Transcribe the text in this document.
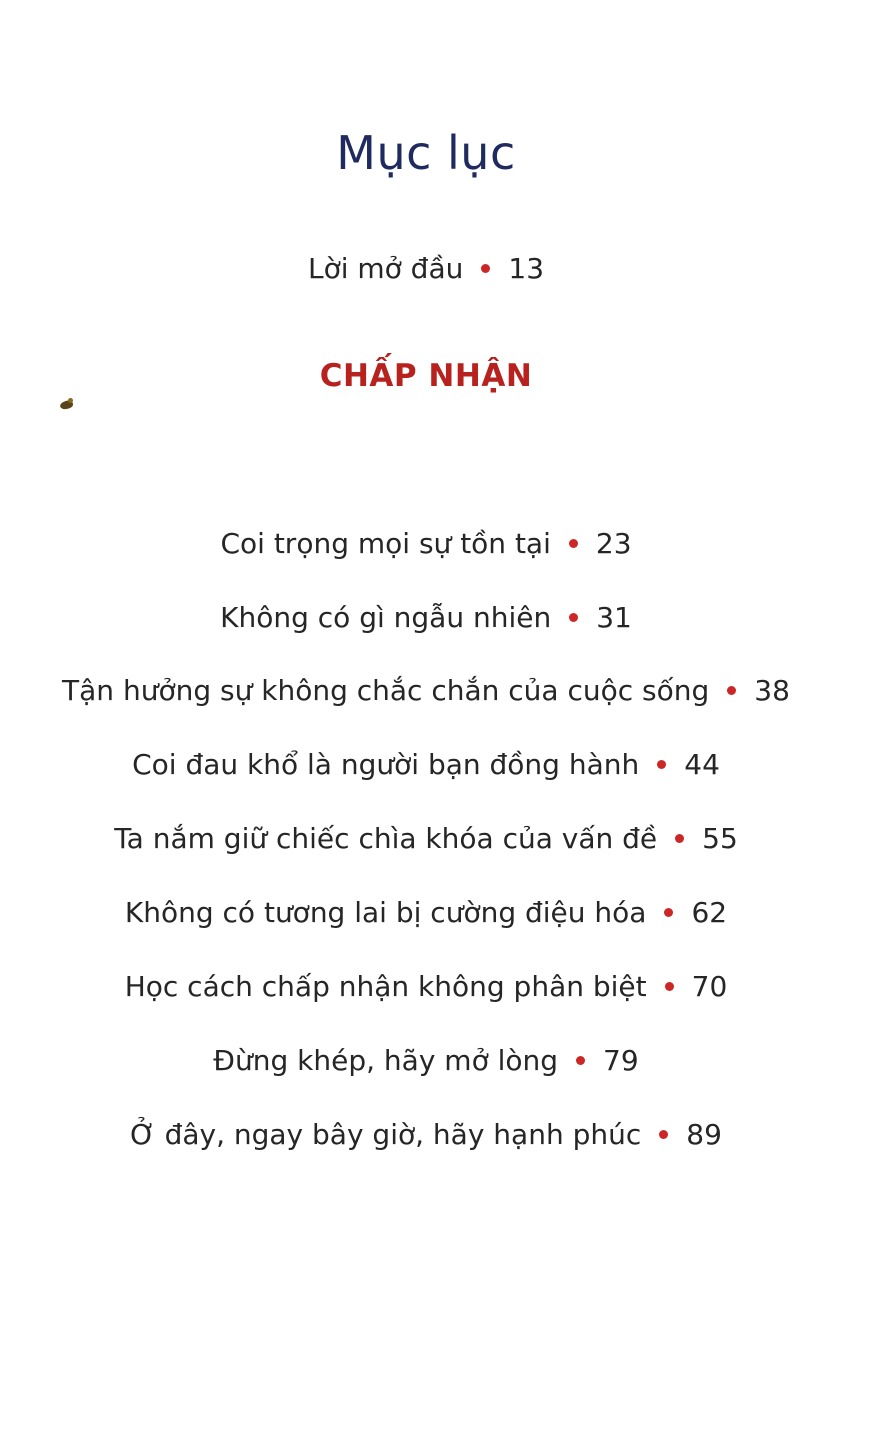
Mục lục
Lời mở đầu 13
CHẤP NHẬN
Coi trọng mọi sự tồn tại 23
Không có gì ngẫu nhiên 31
Tận hưởng sự không chắc chắn của cuộc sống 38
Coi đau khổ là người bạn đồng hành 44
Ta nắm giữ chiếc chìa khóa của vấn đề 55
Không có tương lai bị cường điệu hóa 62
Học cách chấp nhận không phân biệt 70
Đừng khép, hãy mở lòng 79
Ở đây, ngay bây giờ, hãy hạnh phúc 89
